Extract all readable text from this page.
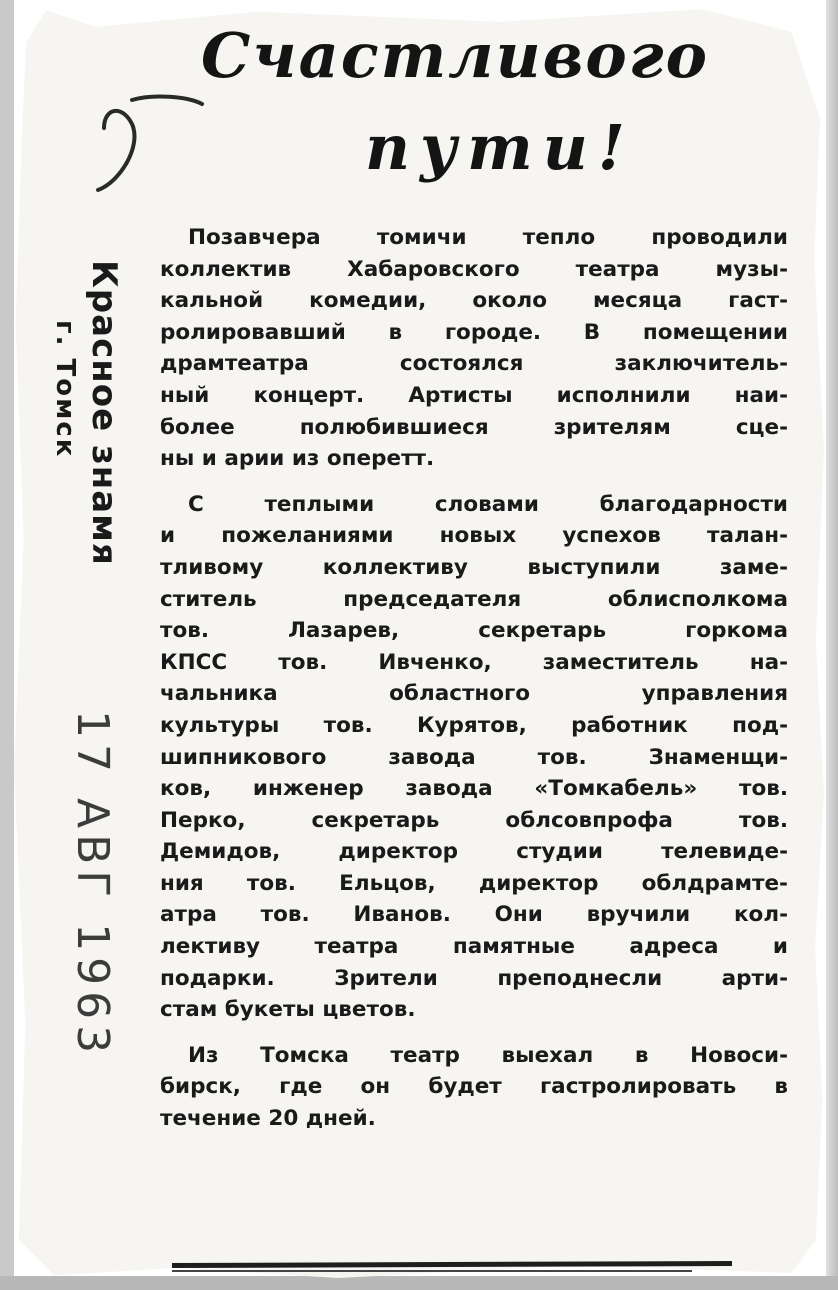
Счастливого
пути!
Красное знамя
г. Томск
17 АВГ 1963

Позавчера томичи тепло проводили
коллектив Хабаровского театра музы-
кальной комедии, около месяца гаст-
ролировавший в городе. В помещении
драмтеатра состоялся заключитель-
ный концерт. Артисты исполнили наи-
более полюбившиеся зрителям сце-
ны и арии из оперетт.

С теплыми словами благодарности
и пожеланиями новых успехов талан-
тливому коллективу выступили заме-
ститель председателя облисполкома
тов. Лазарев, секретарь горкома
КПСС тов. Ивченко, заместитель на-
чальника областного управления
культуры тов. Курятов, работник под-
шипникового завода тов. Знаменщи-
ков, инженер завода «Томкабель» тов.
Перко, секретарь облсовпрофа тов.
Демидов, директор студии телевиде-
ния тов. Ельцов, директор облдрамте-
атра тов. Иванов. Они вручили кол-
лективу театра памятные адреса и
подарки. Зрители преподнесли арти-
стам букеты цветов.

Из Томска театр выехал в Новоси-
бирск, где он будет гастролировать в
течение 20 дней.
